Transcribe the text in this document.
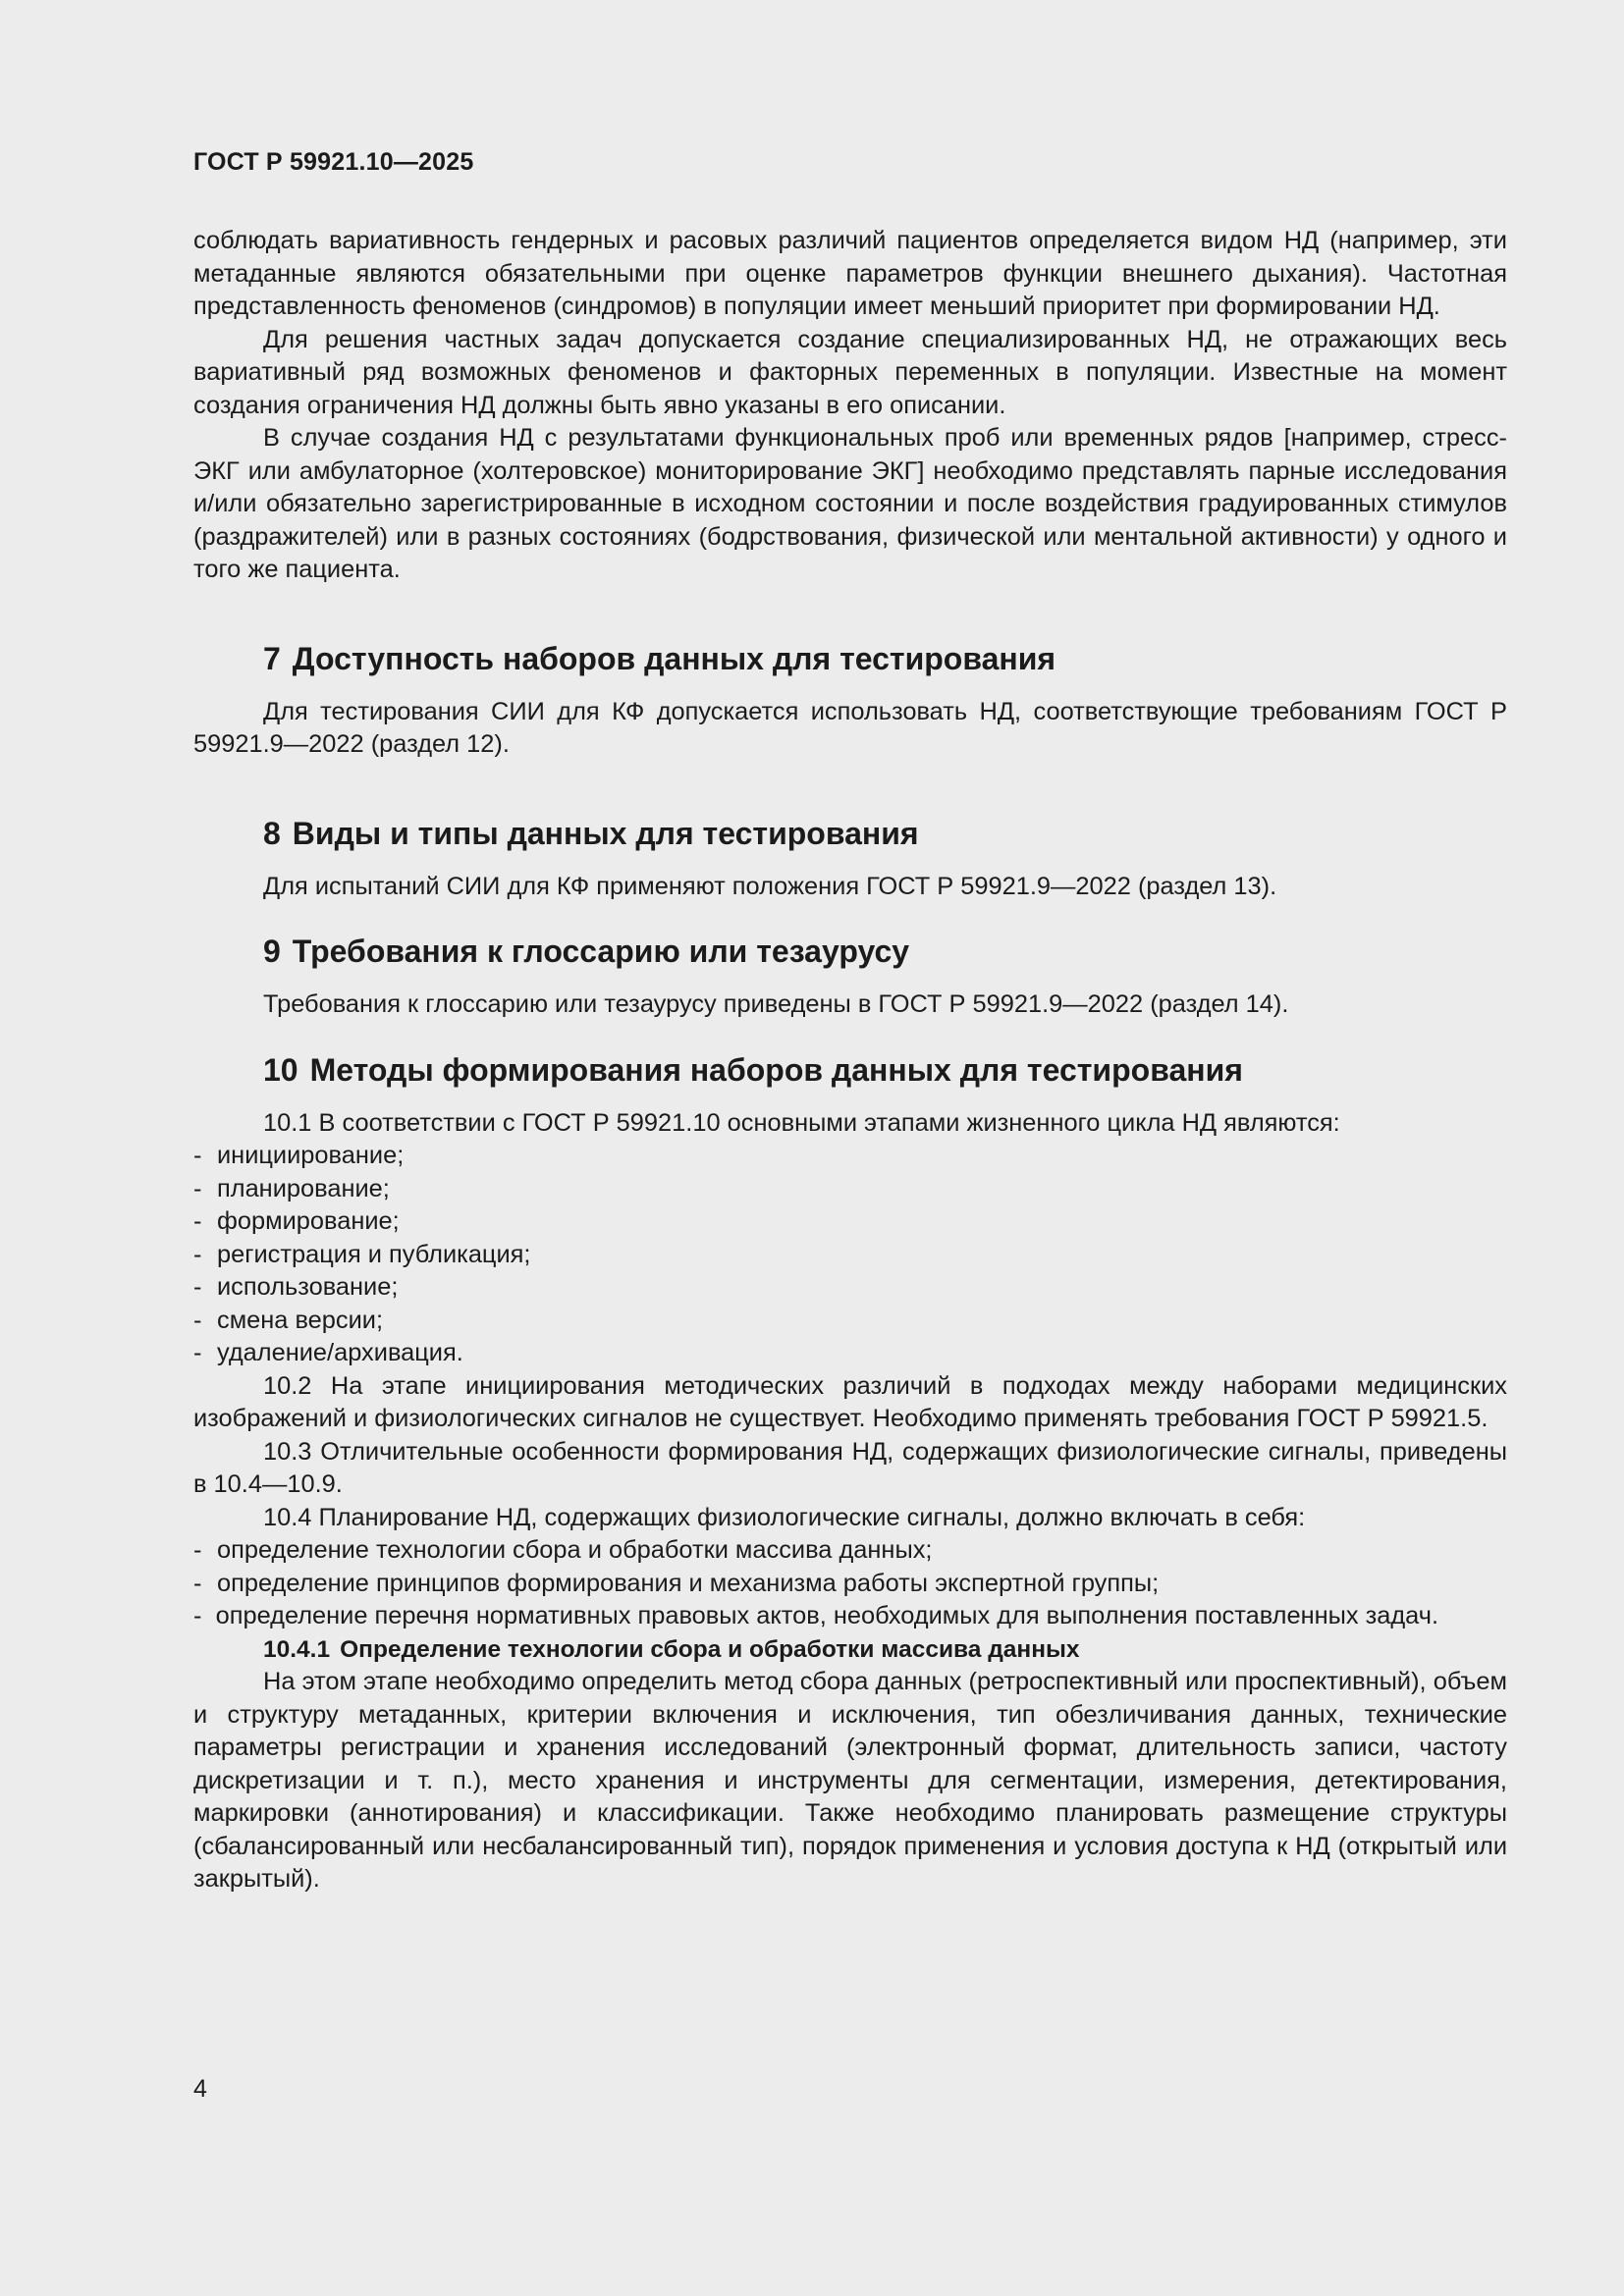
ГОСТ Р 59921.10—2025

соблюдать вариативность гендерных и расовых различий пациентов определяется видом НД (например, эти метаданные являются обязательными при оценке параметров функции внешнего дыхания). Частотная представленность феноменов (синдромов) в популяции имеет меньший приоритет при формировании НД.

Для решения частных задач допускается создание специализированных НД, не отражающих весь вариативный ряд возможных феноменов и факторных переменных в популяции. Известные на момент создания ограничения НД должны быть явно указаны в его описании.

В случае создания НД с результатами функциональных проб или временных рядов [например, стресс-ЭКГ или амбулаторное (холтеровское) мониторирование ЭКГ] необходимо представлять парные исследования и/или обязательно зарегистрированные в исходном состоянии и после воздействия градуированных стимулов (раздражителей) или в разных состояниях (бодрствования, физической или ментальной активности) у одного и того же пациента.

7 Доступность наборов данных для тестирования

Для тестирования СИИ для КФ допускается использовать НД, соответствующие требованиям ГОСТ Р 59921.9—2022 (раздел 12).

8 Виды и типы данных для тестирования

Для испытаний СИИ для КФ применяют положения ГОСТ Р 59921.9—2022 (раздел 13).

9 Требования к глоссарию или тезаурусу

Требования к глоссарию или тезаурусу приведены в ГОСТ Р 59921.9—2022 (раздел 14).

10 Методы формирования наборов данных для тестирования

10.1 В соответствии с ГОСТ Р 59921.10 основными этапами жизненного цикла НД являются:

- инициирование;
- планирование;
- формирование;
- регистрация и публикация;
- использование;
- смена версии;
- удаление/архивация.

10.2 На этапе инициирования методических различий в подходах между наборами медицинских изображений и физиологических сигналов не существует. Необходимо применять требования ГОСТ Р 59921.5.

10.3 Отличительные особенности формирования НД, содержащих физиологические сигналы, приведены в 10.4—10.9.

10.4 Планирование НД, содержащих физиологические сигналы, должно включать в себя:

- определение технологии сбора и обработки массива данных;
- определение принципов формирования и механизма работы экспертной группы;

- определение перечня нормативных правовых актов, необходимых для выполнения поставленных задач.

10.4.1 Определение технологии сбора и обработки массива данных

На этом этапе необходимо определить метод сбора данных (ретроспективный или проспективный), объем и структуру метаданных, критерии включения и исключения, тип обезличивания данных, технические параметры регистрации и хранения исследований (электронный формат, длительность записи, частоту дискретизации и т. п.), место хранения и инструменты для сегментации, измерения, детектирования, маркировки (аннотирования) и классификации. Также необходимо планировать размещение структуры (сбалансированный или несбалансированный тип), порядок применения и условия доступа к НД (открытый или закрытый).

4
